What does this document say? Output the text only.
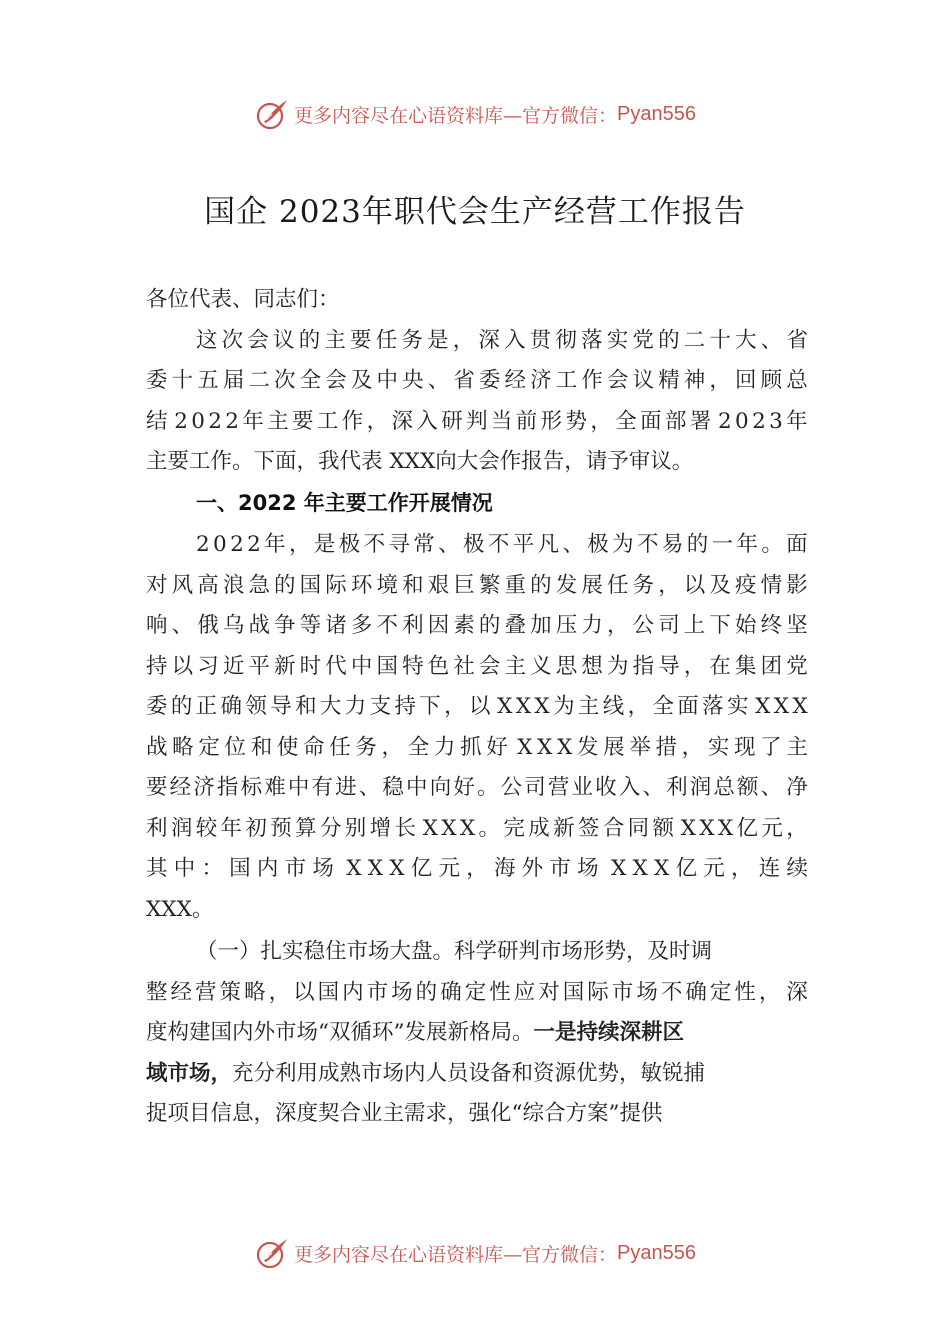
更多内容尽在心语资料库—官方微信： Pyan556
国企 2023年职代会生产经营工作报告
各位代表、同志们：
这 次 会 议 的 主 要 任 务 是 ， 深 入 贯 彻 落 实 党 的 二 十 大 、 省
委 十 五 届 二 次 全 会 及 中 央 、 省 委 经 济 工 作 会 议 精 神 ， 回 顾 总
结 2 0 2 2 年 主 要 工 作 ， 深 入 研 判 当 前 形 势 ， 全 面 部 署 2 0 2 3 年
主要工作。下面，我代表 XXX向大会作报告，请予审议。
一、2022 年主要工作开展情况
2 0 2 2 年 ， 是 极 不 寻 常 、 极 不 平 凡 、 极 为 不 易 的 一 年 。 面
对 风 高 浪 急 的 国 际 环 境 和 艰 巨 繁 重 的 发 展 任 务 ， 以 及 疫 情 影
响 、 俄 乌 战 争 等 诸 多 不 利 因 素 的 叠 加 压 力 ， 公 司 上 下 始 终 坚
持 以 习 近 平 新 时 代 中 国 特 色 社 会 主 义 思 想 为 指 导 ， 在 集 团 党
委 的 正 确 领 导 和 大 力 支 持 下 ， 以 X X X 为 主 线 ， 全 面 落 实 X X X
战 略 定 位 和 使 命 任 务 ， 全 力 抓 好 X X X 发 展 举 措 ， 实 现 了 主
要 经 济 指 标 难 中 有 进 、 稳 中 向 好 。 公 司 营 业 收 入 、 利 润 总 额 、 净
利 润 较 年 初 预 算 分 别 增 长 X X X 。 完 成 新 签 合 同 额 X X X 亿 元 ，
其 中 ： 国 内 市 场 X X X 亿 元 ， 海 外 市 场 X X X 亿 元 ， 连 续
XXX。
（一）扎实稳住市场大盘。科学研判市场形势，及时调
整 经 营 策 略 ， 以 国 内 市 场 的 确 定 性 应 对 国 际 市 场 不 确 定 性 ， 深
度构建国内外市场“双循环”发展新格局。 一是持续深耕区
域市场， 充分利用成熟市场内人员设备和资源优势，敏锐捕
捉项目信息，深度契合业主需求，强化“综合方案”提供
更多内容尽在心语资料库—官方微信： Pyan556
